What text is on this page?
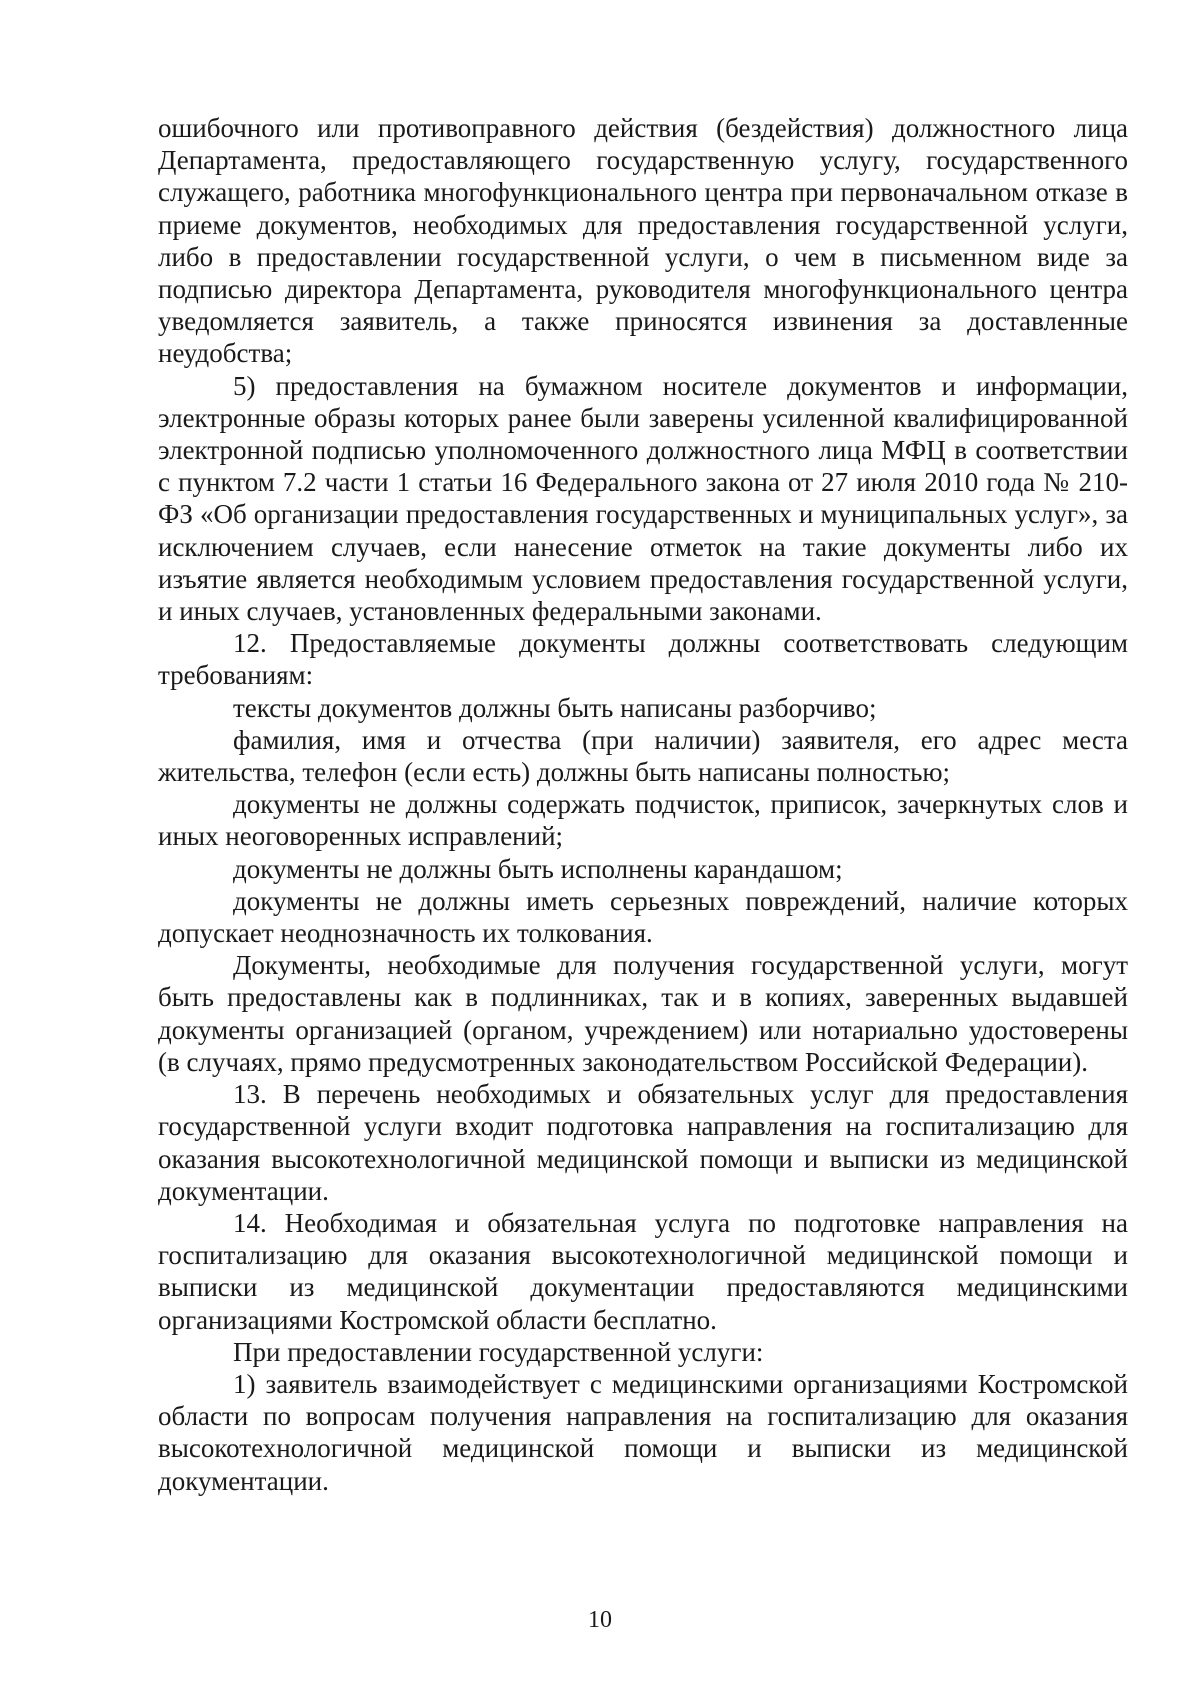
ошибочного или противоправного действия (бездействия) должностного лица Департамента, предоставляющего государственную услугу, государственного служащего, работника многофункционального центра при первоначальном отказе в приеме документов, необходимых для предоставления государственной услуги, либо в предоставлении государственной услуги, о чем в письменном виде за подписью директора Департамента, руководителя многофункционального центра уведомляется заявитель, а также приносятся извинения за доставленные неудобства;

5) предоставления на бумажном носителе документов и информации, электронные образы которых ранее были заверены усиленной квалифицированной электронной подписью уполномоченного должностного лица МФЦ в соответствии с пунктом 7.2 части 1 статьи 16 Федерального закона от 27 июля 2010 года № 210-ФЗ «Об организации предоставления государственных и муниципальных услуг», за исключением случаев, если нанесение отметок на такие документы либо их изъятие является необходимым условием предоставления государственной услуги, и иных случаев, установленных федеральными законами.

12. Предоставляемые документы должны соответствовать следующим требованиям:

тексты документов должны быть написаны разборчиво;

фамилия, имя и отчества (при наличии) заявителя, его адрес места жительства, телефон (если есть) должны быть написаны полностью;

документы не должны содержать подчисток, приписок, зачеркнутых слов и иных неоговоренных исправлений;

документы не должны быть исполнены карандашом;

документы не должны иметь серьезных повреждений, наличие которых допускает неоднозначность их толкования.

Документы, необходимые для получения государственной услуги, могут быть предоставлены как в подлинниках, так и в копиях, заверенных выдавшей документы организацией (органом, учреждением) или нотариально удостоверены (в случаях, прямо предусмотренных законодательством Российской Федерации).

13. В перечень необходимых и обязательных услуг для предоставления государственной услуги входит подготовка направления на госпитализацию для оказания высокотехнологичной медицинской помощи и выписки из медицинской документации.

14. Необходимая и обязательная услуга по подготовке направления на госпитализацию для оказания высокотехнологичной медицинской помощи и выписки из медицинской документации предоставляются медицинскими организациями Костромской области бесплатно.

При предоставлении государственной услуги:

1) заявитель взаимодействует с медицинскими организациями Костромской области по вопросам получения направления на госпитализацию для оказания высокотехнологичной медицинской помощи и выписки из медицинской документации.

10
